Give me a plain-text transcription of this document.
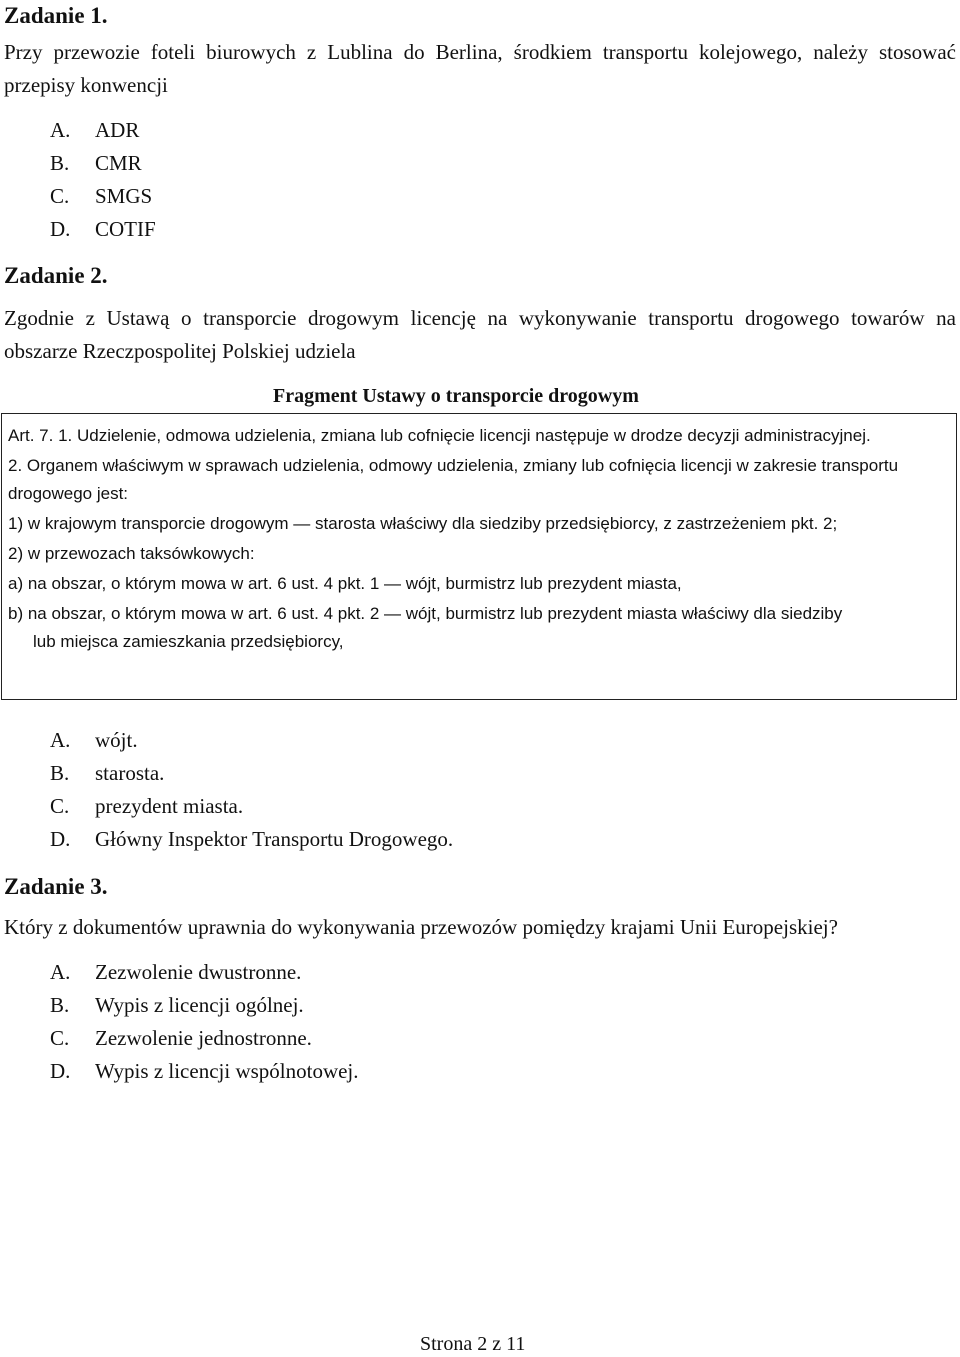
Zadanie 1.

Przy przewozie foteli biurowych z Lublina do Berlina, środkiem transportu kolejowego, należy stosować przepisy konwencji

A. ADR
B. CMR
C. SMGS
D. COTIF
Zadanie 2.

Zgodnie z Ustawą o transporcie drogowym licencję na wykonywanie transportu drogowego towarów na obszarze Rzeczpospolitej Polskiej udziela

Fragment Ustawy o transporcie drogowym

Art. 7. 1. Udzielenie, odmowa udzielenia, zmiana lub cofnięcie licencji następuje w drodze decyzji administracyjnej.

2. Organem właściwym w sprawach udzielenia, odmowy udzielenia, zmiany lub cofnięcia licencji w zakresie transportu drogowego jest:

1) w krajowym transporcie drogowym — starosta właściwy dla siedziby przedsiębiorcy, z zastrzeżeniem pkt. 2;

2) w przewozach taksówkowych:

a) na obszar, o którym mowa w art. 6 ust. 4 pkt. 1 — wójt, burmistrz lub prezydent miasta,

b) na obszar, o którym mowa w art. 6 ust. 4 pkt. 2 — wójt, burmistrz lub prezydent miasta właściwy dla siedziby

lub miejsca zamieszkania przedsiębiorcy,

A. wójt.
B. starosta.
C. prezydent miasta.
D. Główny Inspektor Transportu Drogowego.
Zadanie 3.

Który z dokumentów uprawnia do wykonywania przewozów pomiędzy krajami Unii Europejskiej?

A. Zezwolenie dwustronne.
B. Wypis z licencji ogólnej.
C. Zezwolenie jednostronne.
D. Wypis z licencji wspólnotowej.
Strona 2 z 11
